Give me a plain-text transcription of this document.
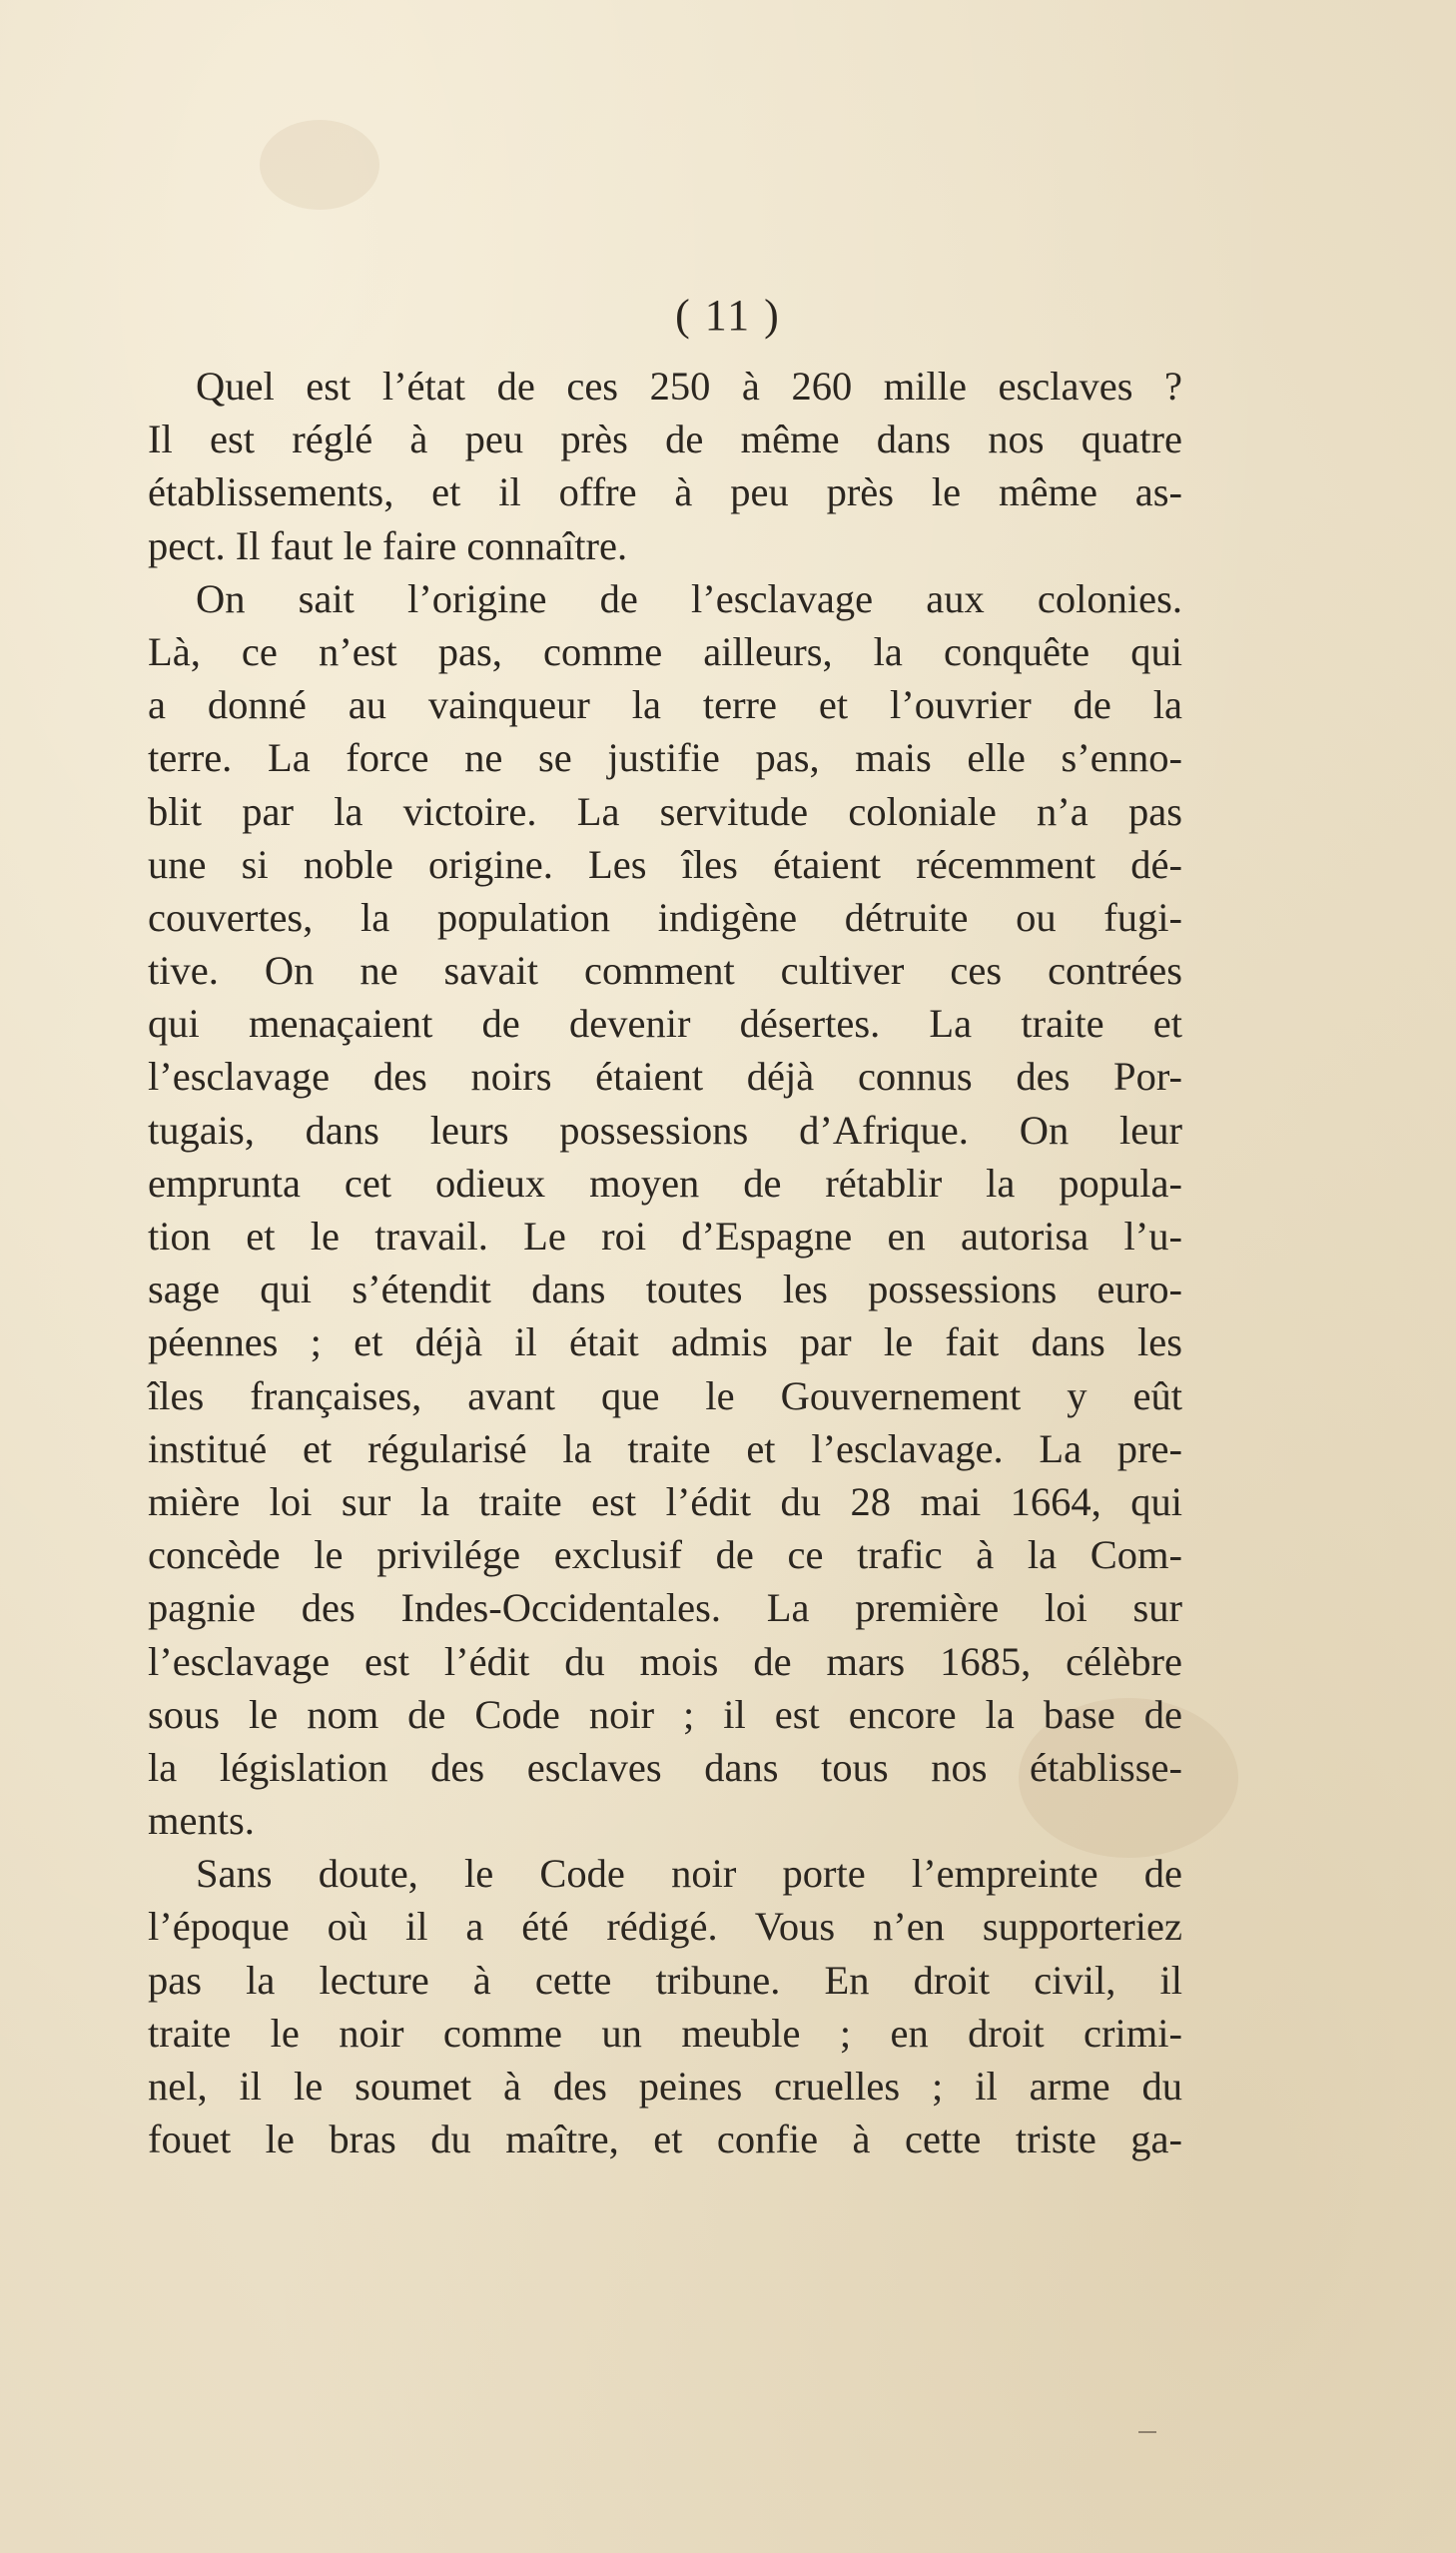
( 11 )
Quel est l’état de ces 250 à 260 mille esclaves ?
Il est réglé à peu près de même dans nos quatre
établissements, et il offre à peu près le même as-
pect. Il faut le faire connaître.
On sait l’origine de l’esclavage aux colonies.
Là, ce n’est pas, comme ailleurs, la conquête qui
a donné au vainqueur la terre et l’ouvrier de la
terre. La force ne se justifie pas, mais elle s’enno-
blit par la victoire. La servitude coloniale n’a pas
une si noble origine. Les îles étaient récemment dé-
couvertes, la population indigène détruite ou fugi-
tive. On ne savait comment cultiver ces contrées
qui menaçaient de devenir désertes. La traite et
l’esclavage des noirs étaient déjà connus des Por-
tugais, dans leurs possessions d’Afrique. On leur
emprunta cet odieux moyen de rétablir la popula-
tion et le travail. Le roi d’Espagne en autorisa l’u-
sage qui s’étendit dans toutes les possessions euro-
péennes ; et déjà il était admis par le fait dans les
îles françaises, avant que le Gouvernement y eût
institué et régularisé la traite et l’esclavage. La pre-
mière loi sur la traite est l’édit du 28 mai 1664, qui
concède le privilége exclusif de ce trafic à la Com-
pagnie des Indes-Occidentales. La première loi sur
l’esclavage est l’édit du mois de mars 1685, célèbre
sous le nom de Code noir ; il est encore la base de
la législation des esclaves dans tous nos établisse-
ments.
Sans doute, le Code noir porte l’empreinte de
l’époque où il a été rédigé. Vous n’en supporteriez
pas la lecture à cette tribune. En droit civil, il
traite le noir comme un meuble ; en droit crimi-
nel, il le soumet à des peines cruelles ; il arme du
fouet le bras du maître, et confie à cette triste ga-
